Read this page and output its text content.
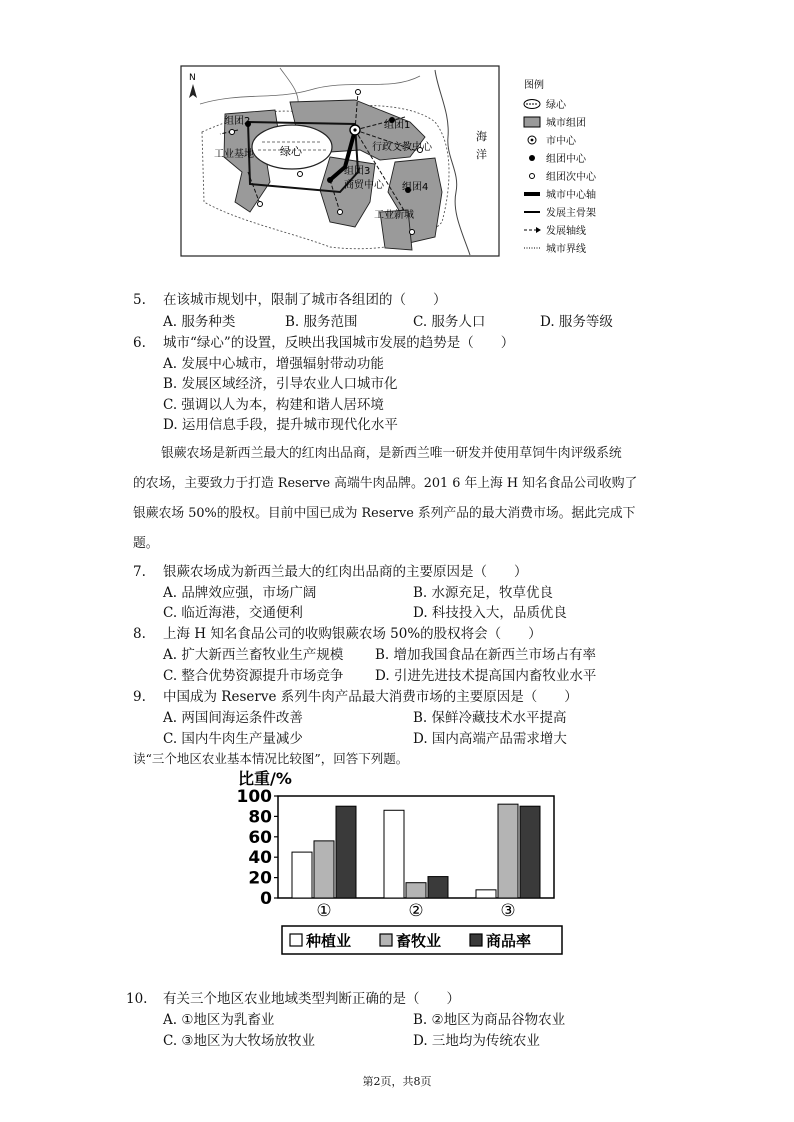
N
绿心
组团2
工业基地
组团1
行政文教中心
组团3
商贸中心 组团4
工业新城
海
洋
图例
绿心
城市组团
市中心
组团中心
组团次中心
城市中心轴
发展主骨架
发展轴线
城市界线
5. 在该城市规划中，限制了城市各组团的（　　）
A. 服务种类	B. 服务范围	C. 服务人口	D. 服务等级
6. 城市“绿心”的设置，反映出我国城市发展的趋势是（　　）
A. 发展中心城市，增强辐射带动功能
B. 发展区域经济，引导农业人口城市化
C. 强调以人为本，构建和谐人居环境
D. 运用信息手段，提升城市现代化水平
银蕨农场是新西兰最大的红肉出品商，是新西兰唯一研发并使用草饲牛肉评级系统
的农场，主要致力于打造 Reserve 高端牛肉品牌。201 6 年上海 H 知名食品公司收购了
银蕨农场 50%的股权。目前中国已成为 Reserve 系列产品的最大消费市场。据此完成下
题。
7. 银蕨农场成为新西兰最大的红肉出品商的主要原因是（　　）
A. 品牌效应强，市场广阔	B. 水源充足，牧草优良
C. 临近海港，交通便利	D. 科技投入大，品质优良
8. 上海 H 知名食品公司的收购银蕨农场 50%的股权将会（　　）
A. 扩大新西兰畜牧业生产规模 B. 增加我国食品在新西兰市场占有率
C. 整合优势资源提升市场竞争 D. 引进先进技术提高国内畜牧业水平
9. 中国成为 Reserve 系列牛肉产品最大消费市场的主要原因是（　　）
A. 两国间海运条件改善	B. 保鲜冷藏技术水平提高
C. 国内牛肉生产量减少	D. 国内高端产品需求增大
读“三个地区农业基本情况比较图”，回答下列题。
比重/%
0
20
40
60
80
100
①	②	③
种植业	畜牧业	商品率
10. 有关三个地区农业地域类型判断正确的是（　　）
A. ①地区为乳畜业	B. ②地区为商品谷物农业
C. ③地区为大牧场放牧业	D. 三地均为传统农业
第2页，共8页
